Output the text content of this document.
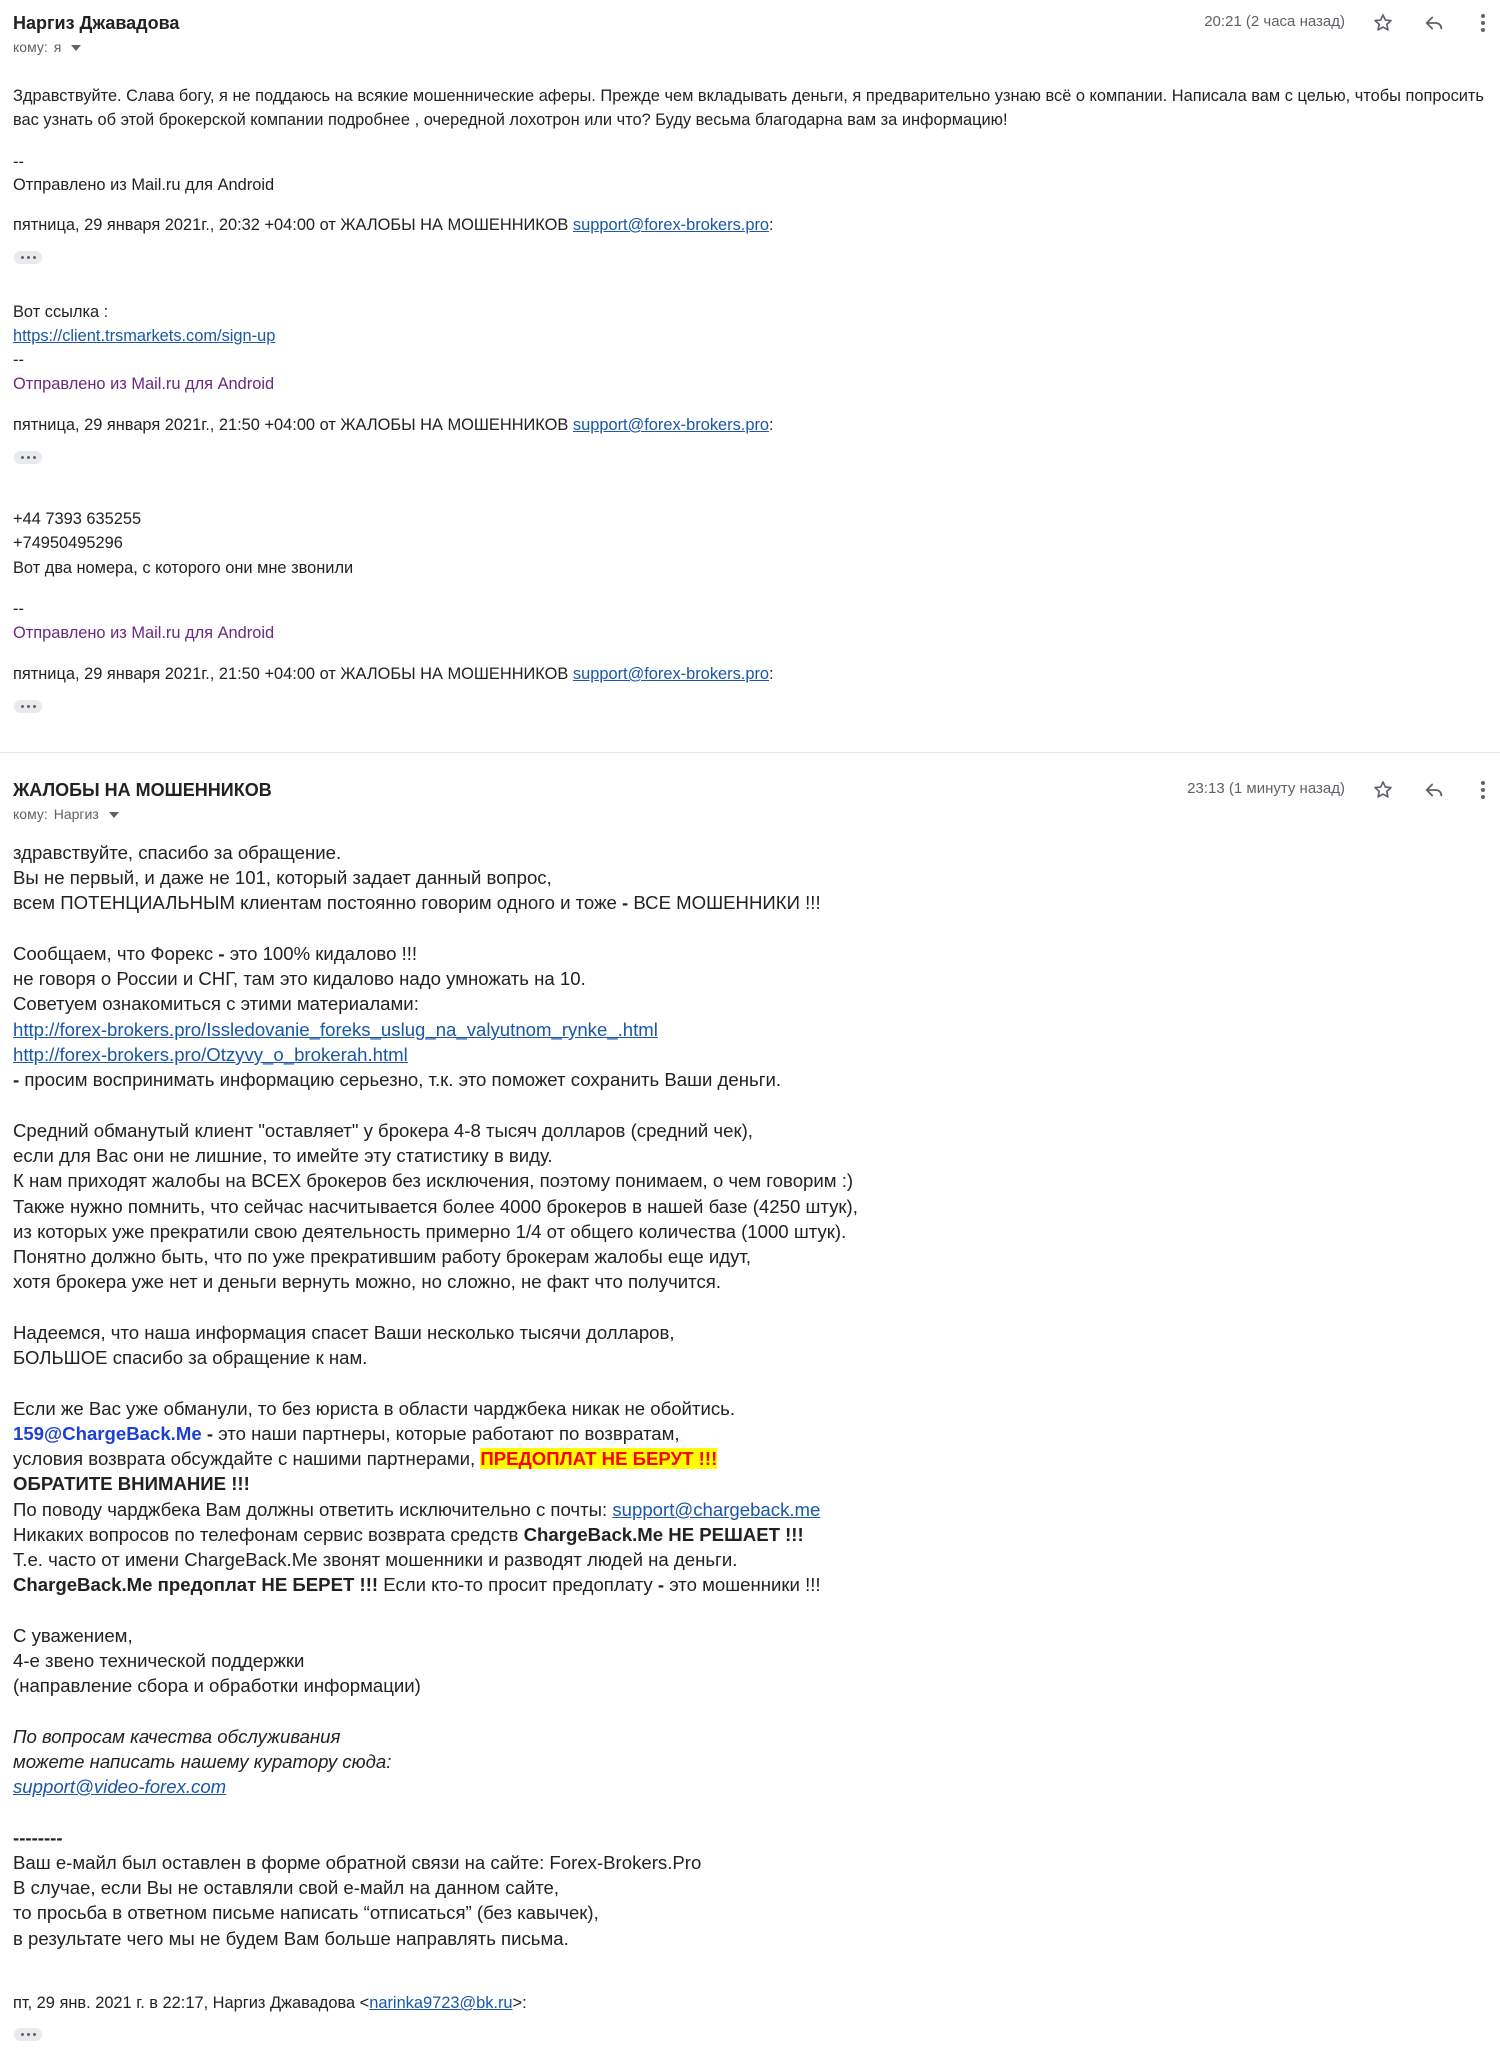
Наргиз Джавадова
кому: я
20:21 (2 часа назад)
Здравствуйте. Слава богу, я не поддаюсь на всякие мошеннические аферы. Прежде чем вкладывать деньги, я предварительно узнаю всё о компании. Написала вам с целью, чтобы попросить
вас узнать об этой брокерской компании подробнее , очередной лохотрон или что? Буду весьма благодарна вам за информацию!
--
Отправлено из Mail.ru для Android
пятница, 29 января 2021г., 20:32 +04:00 от ЖАЛОБЫ НА МОШЕННИКОВ support@forex-brokers.pro:
Вот ссылка :
https://client.trsmarkets.com/sign-up
--
Отправлено из Mail.ru для Android
пятница, 29 января 2021г., 21:50 +04:00 от ЖАЛОБЫ НА МОШЕННИКОВ support@forex-brokers.pro:
+44 7393 635255
+74950495296
Вот два номера, с которого они мне звонили
--
Отправлено из Mail.ru для Android
пятница, 29 января 2021г., 21:50 +04:00 от ЖАЛОБЫ НА МОШЕННИКОВ support@forex-brokers.pro:
ЖАЛОБЫ НА МОШЕННИКОВ
кому: Наргиз
23:13 (1 минуту назад)
здравствуйте, спасибо за обращение.
Вы не первый, и даже не 101, который задает данный вопрос,
всем ПОТЕНЦИАЛЬНЫМ клиентам постоянно говорим одного и тоже - ВСЕ МОШЕННИКИ !!!
Сообщаем, что Форекс - это 100% кидалово !!!
не говоря о России и СНГ, там это кидалово надо умножать на 10.
Советуем ознакомиться с этими материалами:
http://forex-brokers.pro/Issledovanie_foreks_uslug_na_valyutnom_rynke_.html
http://forex-brokers.pro/Otzyvy_o_brokerah.html
- просим воспринимать информацию серьезно, т.к. это поможет сохранить Ваши деньги.
Средний обманутый клиент "оставляет" у брокера 4-8 тысяч долларов (средний чек),
если для Вас они не лишние, то имейте эту статистику в виду.
К нам приходят жалобы на ВСЕХ брокеров без исключения, поэтому понимаем, о чем говорим :)
Также нужно помнить, что сейчас насчитывается более 4000 брокеров в нашей базе (4250 штук),
из которых уже прекратили свою деятельность примерно 1/4 от общего количества (1000 штук).
Понятно должно быть, что по уже прекратившим работу брокерам жалобы еще идут,
хотя брокера уже нет и деньги вернуть можно, но сложно, не факт что получится.
Надеемся, что наша информация спасет Ваши несколько тысячи долларов,
БОЛЬШОЕ спасибо за обращение к нам.
Если же Вас уже обманули, то без юриста в области чарджбека никак не обойтись.
159@ChargeBack.Me - это наши партнеры, которые работают по возвратам,
условия возврата обсуждайте с нашими партнерами, ПРЕДОПЛАТ НЕ БЕРУТ !!!
ОБРАТИТЕ ВНИМАНИЕ !!!
По поводу чарджбека Вам должны ответить исключительно с почты: support@chargeback.me
Никаких вопросов по телефонам сервис возврата средств ChargeBack.Me НЕ РЕШАЕТ !!!
Т.е. часто от имени ChargeBack.Me звонят мошенники и разводят людей на деньги.
ChargeBack.Me предоплат НЕ БЕРЕТ !!! Если кто-то просит предоплату - это мошенники !!!
С уважением,
4-е звено технической поддержки
(направление сбора и обработки информации)
По вопросам качества обслуживания
можете написать нашему куратору сюда:
support@video-forex.com
--------
Ваш е-майл был оставлен в форме обратной связи на сайте: Forex-Brokers.Pro
В случае, если Вы не оставляли свой е-майл на данном сайте,
то просьба в ответном письме написать “отписаться” (без кавычек),
в результате чего мы не будем Вам больше направлять письма.
пт, 29 янв. 2021 г. в 22:17, Наргиз Джавадова <narinka9723@bk.ru>:
